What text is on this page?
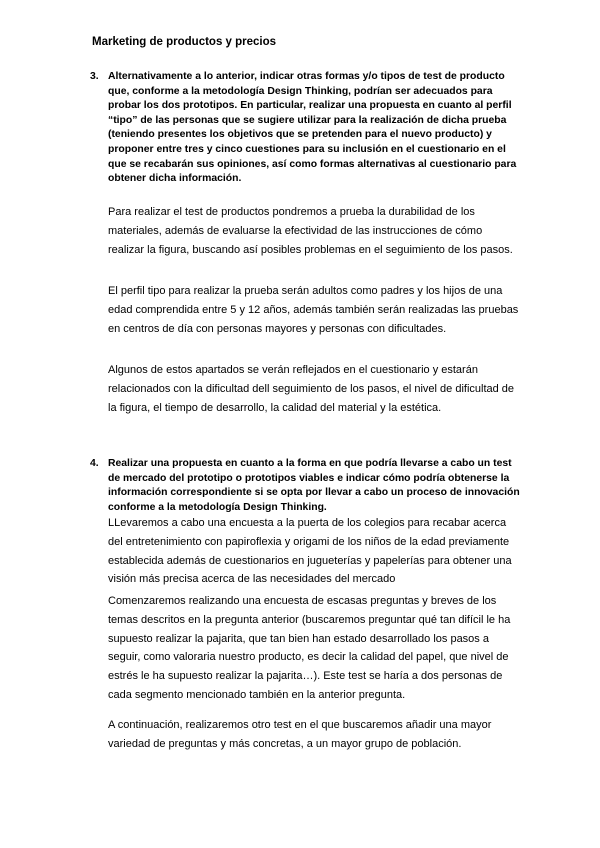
Marketing de productos y precios
3. Alternativamente a lo anterior, indicar otras formas y/o tipos de test de producto que, conforme a la metodología Design Thinking, podrían ser adecuados para probar los dos prototipos. En particular, realizar una propuesta en cuanto al perfil “tipo” de las personas que se sugiere utilizar para la realización de dicha prueba (teniendo presentes los objetivos que se pretenden para el nuevo producto) y proponer entre tres y cinco cuestiones para su inclusión en el cuestionario en el que se recabarán sus opiniones, así como formas alternativas al cuestionario para obtener dicha información.
Para realizar el test de productos pondremos a prueba la durabilidad de los materiales, además de evaluarse la efectividad de las instrucciones de cómo realizar la figura, buscando así posibles problemas en el seguimiento de los pasos.
El perfil tipo para realizar la prueba serán adultos como padres y los hijos de una edad comprendida entre 5 y 12 años, además también serán realizadas las pruebas en centros de día con personas mayores y personas con dificultades.
Algunos de estos apartados se verán reflejados en el cuestionario y estarán relacionados con la dificultad dell seguimiento de los pasos, el nivel de dificultad de la figura, el tiempo de desarrollo, la calidad del material y la estética.
4. Realizar una propuesta en cuanto a la forma en que podría llevarse a cabo un test de mercado del prototipo o prototipos viables e indicar cómo podría obtenerse la información correspondiente si se opta por llevar a cabo un proceso de innovación conforme a la metodología Design Thinking.
LLevaremos a cabo una encuesta a la puerta de los colegios para recabar acerca del entretenimiento con papiroflexia y origami de los niños de la edad previamente establecida además de cuestionarios en jugueterías y papelerías para obtener una visión más precisa acerca de las necesidades del mercado
Comenzaremos realizando una encuesta de escasas preguntas y breves de los temas descritos en la pregunta anterior (buscaremos preguntar qué tan difícil le ha supuesto realizar la pajarita, que tan bien han estado desarrollado los pasos a seguir, como valoraria nuestro producto, es decir la calidad del papel, que nivel de estrés le ha supuesto realizar la pajarita…). Este test se haría a dos personas de cada segmento mencionado también en la anterior pregunta.
A continuación, realizaremos otro test en el que buscaremos añadir una mayor variedad de preguntas y más concretas, a un mayor grupo de población.
